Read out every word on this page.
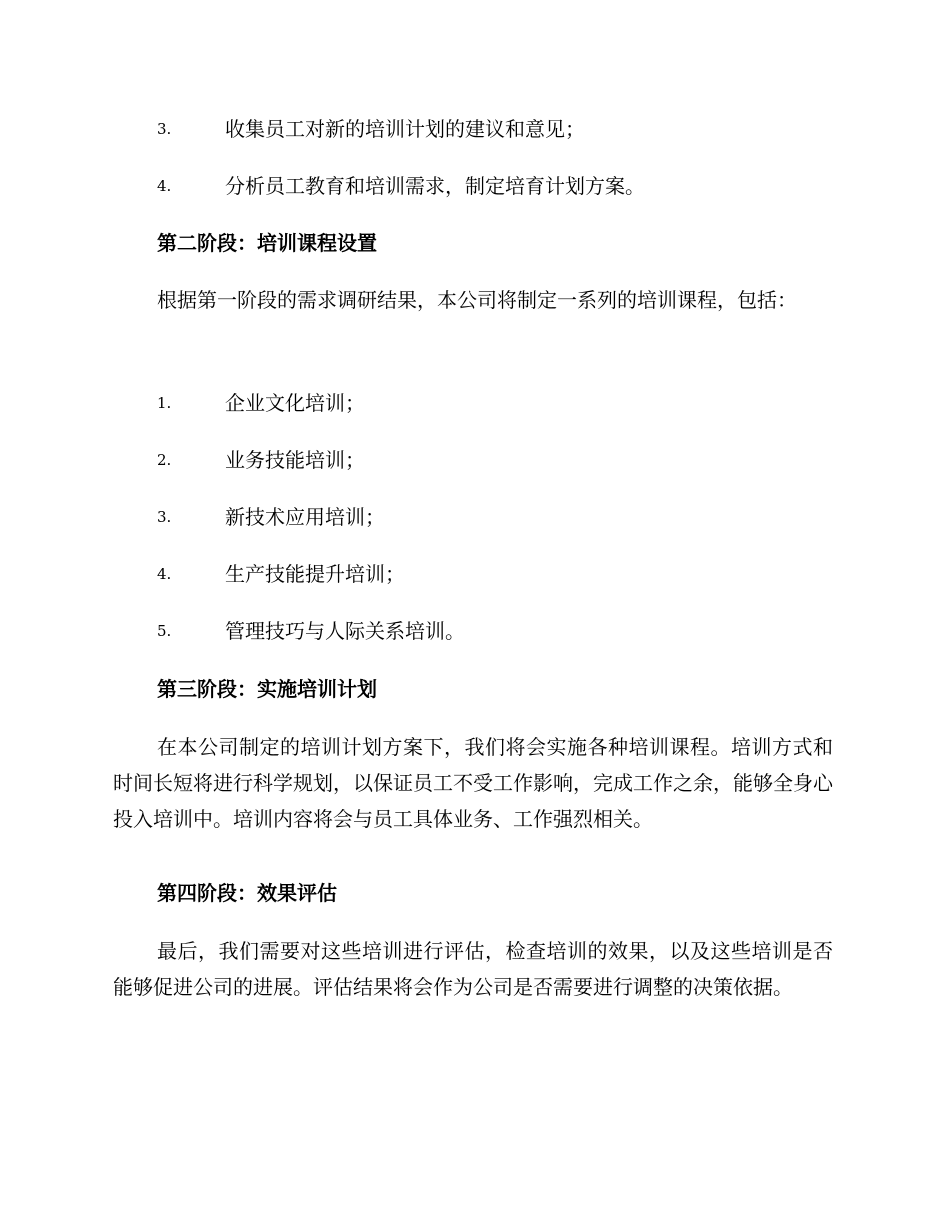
3.	收集员工对新的培训计划的建议和意见；
4.	分析员工教育和培训需求，制定培育计划方案。
第二阶段：培训课程设置

根据第一阶段的需求调研结果，本公司将制定一系列的培训课程，包括：

1.	企业文化培训；
2.	业务技能培训；
3.	新技术应用培训；
4.	生产技能提升培训；
5.	管理技巧与人际关系培训。
第三阶段：实施培训计划

在本公司制定的培训计划方案下，我们将会实施各种培训课程。培训方式和时间长短将进行科学规划，以保证员工不受工作影响，完成工作之余，能够全身心投入培训中。培训内容将会与员工具体业务、工作强烈相关。

第四阶段：效果评估

最后，我们需要对这些培训进行评估，检查培训的效果，以及这些培训是否能够促进公司的进展。评估结果将会作为公司是否需要进行调整的决策依据。
